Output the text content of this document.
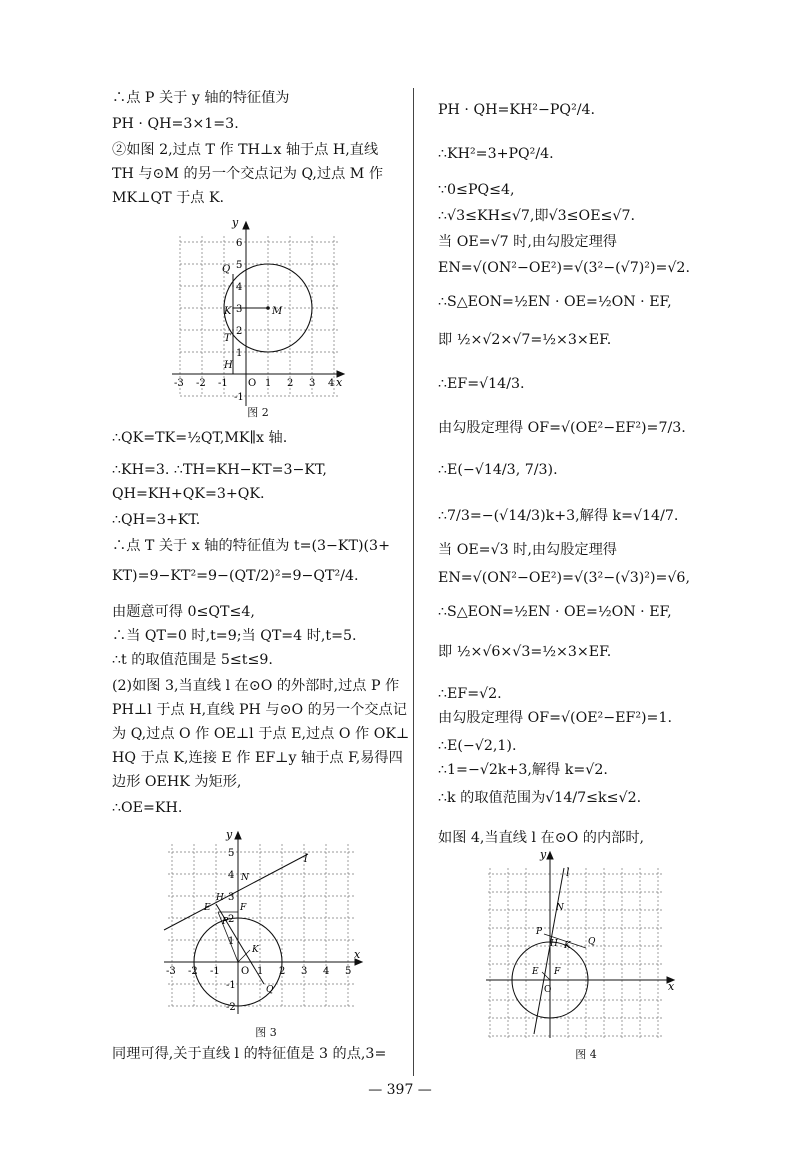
∴点 P 关于 y 轴的特征值为
PH · QH=3×1=3.
②如图 2,过点 T 作 TH⊥x 轴于点 H,直线
TH 与⊙M 的另一个交点记为 Q,过点 M 作
MK⊥QT 于点 K.
∴QK=TK=½QT,MK∥x 轴.
∴KH=3. ∴TH=KH−KT=3−KT,
QH=KH+QK=3+QK.
∴QH=3+KT.
∴点 T 关于 x 轴的特征值为 t=(3−KT)(3+
KT)=9−KT²=9−(QT/2)²=9−QT²/4.
由题意可得 0≤QT≤4,
∴当 QT=0 时,t=9;当 QT=4 时,t=5.
∴t 的取值范围是 5≤t≤9.
(2)如图 3,当直线 l 在⊙O 的外部时,过点 P 作
PH⊥l 于点 H,直线 PH 与⊙O 的另一个交点记
为 Q,过点 O 作 OE⊥l 于点 E,过点 O 作 OK⊥
HQ 于点 K,连接 E 作 EF⊥y 轴于点 F,易得四
边形 OEHK 为矩形,
∴OE=KH.
同理可得,关于直线 l 的特征值是 3 的点,3=
x
y
O
-3 -2 -1	1 2 3 4
6
5
4
3
2
1
-1
Q
K	M
T
H
图 2
x
y
O
-3 -2 -1	1 2 3 4 5
5
4
3
2
1
-1
-2
l
N
H
E	F
P
K
Q
图 3
PH · QH=KH²−PQ²/4.
∴KH²=3+PQ²/4.
∵0≤PQ≤4,
∴√3≤KH≤√7,即√3≤OE≤√7.
当 OE=√7 时,由勾股定理得
EN=√(ON²−OE²)=√(3²−(√7)²)=√2.
∴S△EON=½EN · OE=½ON · EF,
即 ½×√2×√7=½×3×EF.
∴EF=√14/3.
由勾股定理得 OF=√(OE²−EF²)=7/3.
∴E(−√14/3, 7/3).
∴7/3=−(√14/3)k+3,解得 k=√14/7.
当 OE=√3 时,由勾股定理得
EN=√(ON²−OE²)=√(3²−(√3)²)=√6,
∴S△EON=½EN · OE=½ON · EF,
即 ½×√6×√3=½×3×EF.
∴EF=√2.
由勾股定理得 OF=√(OE²−EF²)=1.
∴E(−√2,1).
∴1=−√2k+3,解得 k=√2.
∴k 的取值范围为√14/7≤k≤√2.
如图 4,当直线 l 在⊙O 的内部时,
x
y
O
l
N
P
H K Q
E F
图 4
— 397 —
